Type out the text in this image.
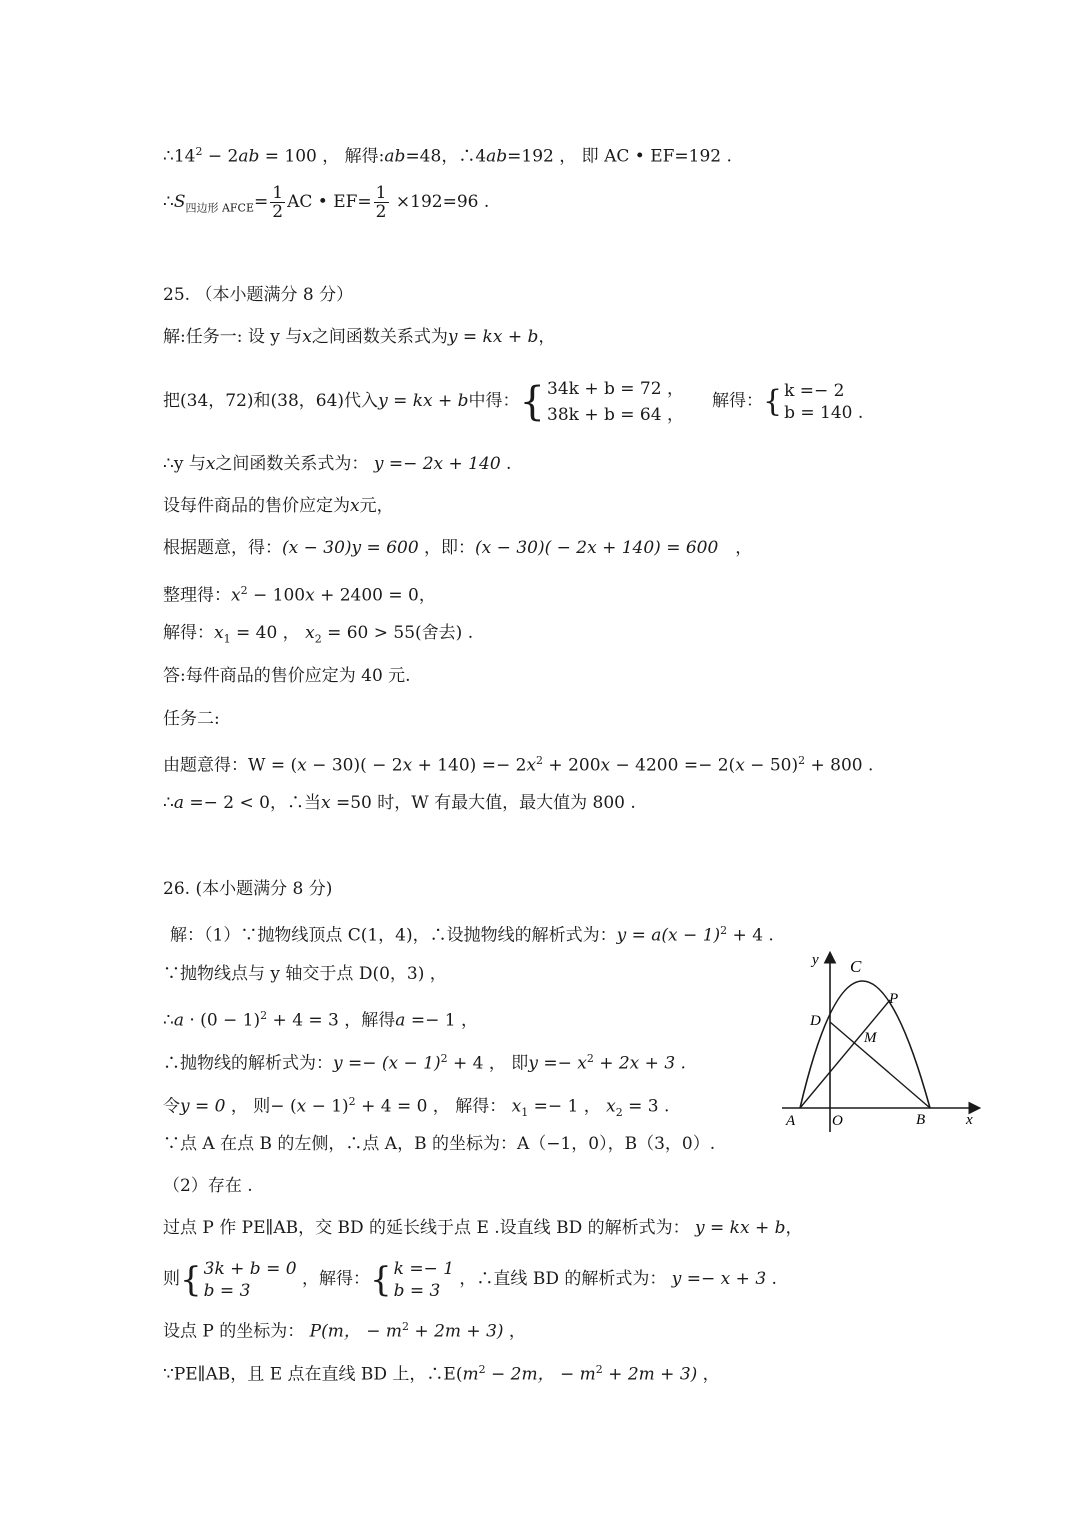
$\therefore 14^2 - 2ab = 100$ ， 解得:ab=48，∴4ab=192 ， 即 AC • EF=192 .
$\therefore S_{四边形 AFCE}= \frac{1}{2}$ AC • $EF= \frac{1}{2} \times 192=96$ .
25. （本小题满分 8 分）
解:任务一: 设 y 与x之间函数关系式为y = kx + b，
把(34，72)和(38，64)代入y = kx + b中得：{ 34k + b = 72 ，
38k + b = 64 ，
解得：{ k =− 2
b = 140 .
∴y 与x之间函数关系式为： y =− 2x + 140 .
设每件商品的售价应定为x元，
根据题意，得：(x − 30)y = 600 ，即：(x − 30)( − 2x + 140) = 600　，
整理得：$x^2 - 100x + 2400 = 0$，
解得：$x_1 = 40$ ， $x_2 = 60 > 55$(舍去) .
答:每件商品的售价应定为 40 元.
任务二:
由题意得：$W = (x - 30)( - 2x + 140) =- 2x^2 + 200x - 4200 =- 2(x - 50)^2 + 800$ .
∴a =− 2 < 0，∴当x =50 时，W 有最大值，最大值为 800 .
26. (本小题满分 8 分)
解：（1）∵抛物线顶点 C(1，4)，∴设抛物线的解析式为：$y = a(x - 1)^2 + 4$ .
∵抛物线点与 y 轴交于点 D(0，3) ，
∴a · $(0 - 1)^2 + 4 = 3$ ，解得a =− 1 ，
∴抛物线的解析式为：$y =- (x - 1)^2 + 4$ ， 即$y =- x^2 + 2x + 3$ .
令y = 0 ， 则− $(x - 1)^2 + 4 = 0$ ， 解得： $x_1 =- 1$ ， $x_2 = 3$ .
∵点 A 在点 B 的左侧，∴点 A，B 的坐标为：A（−1，0），B（3，0）.
（2）存在 .
过点 P 作 PE∥AB，交 BD 的延长线于点 E .设直线 BD 的解析式为： y = kx + b，
则{ 3k + b = 0
b = 3
，解得：{ k =− 1
b = 3
，∴直线 BD 的解析式为： y =− x + 3 .
设点 P 的坐标为： P(m， − $m^2 + 2m + 3$) ，
∵PE∥AB，且 E 点在直线 BD 上，$\therefore E(m^2 - 2m$， − $m^2 + 2m + 3$) ，
y C
P
D
M
A O	B	x
